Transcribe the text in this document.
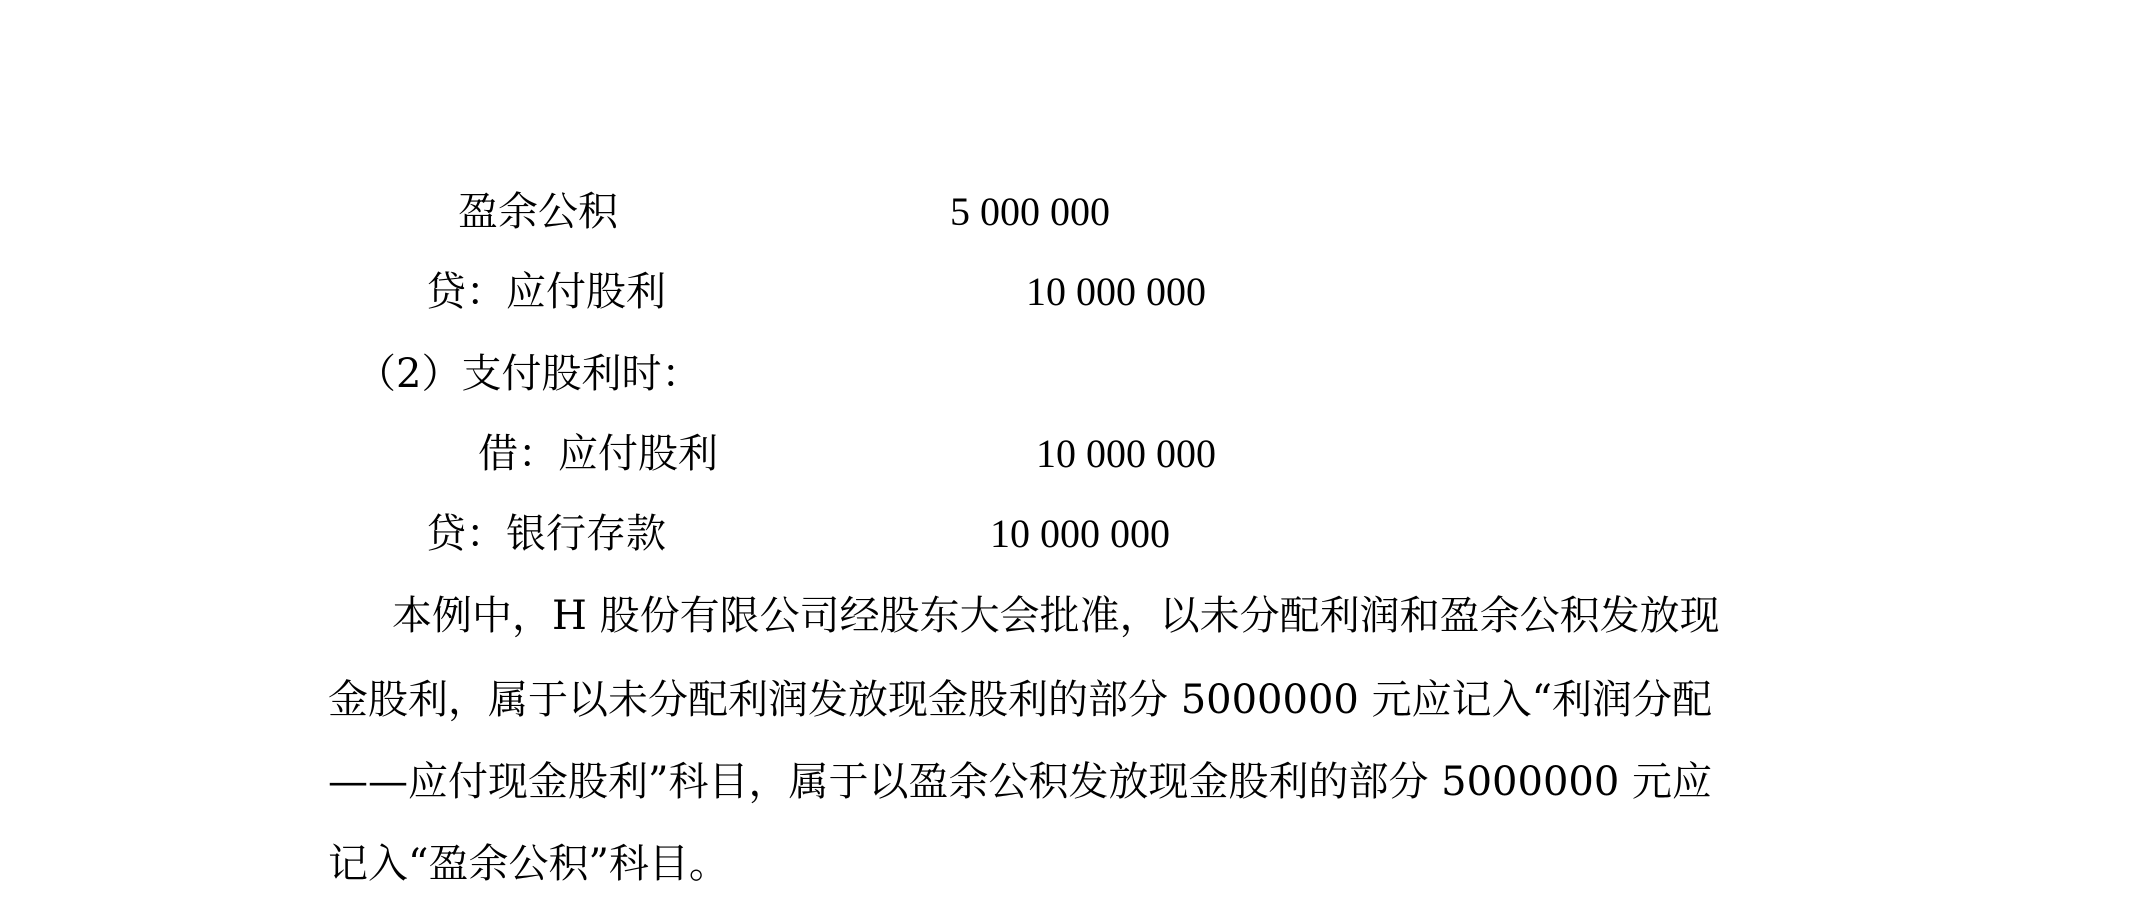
盈余公积	5 000 000
贷：应付股利	10 000 000
（2）支付股利时：
借：应付股利	10 000 000
贷：银行存款	10 000 000
本例中，H 股份有限公司经股东大会批准，以未分配利润和盈余公积发放现
金股利，属于以未分配利润发放现金股利的部分 5000000 元应记入“利润分配
——应付现金股利”科目，属于以盈余公积发放现金股利的部分 5000000 元应
记入“盈余公积”科目。
